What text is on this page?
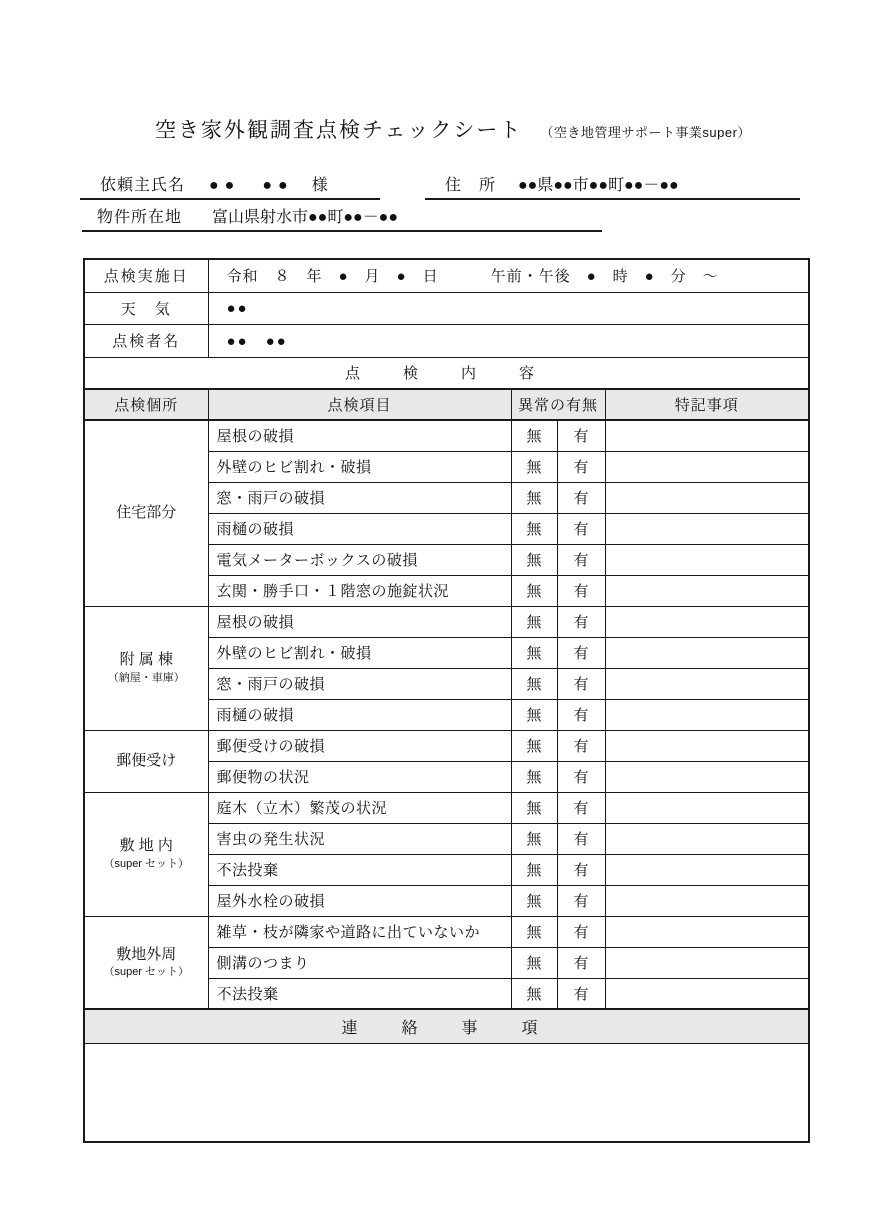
空き家外観調査点検チェックシート （空き地管理サポート事業super）
依頼主氏名 ●●　●● 様	住　所 ●●県●●市●●町●●－●●
物件所在地 富山県射水市●●町●●－●●
点検実施日	令和　８　年　●　月　●　日 午前・午後　●　時　●　分　～			

天　気	●●			
点検者名	●●　●●			
点　検　内　容				
点検個所	点検項目	異常の有無		特記事項

住宅部分	屋根の破損	無	有	
	外壁のヒビ割れ・破損	無	有	
	窓・雨戸の破損	無	有	
	雨樋の破損	無	有	
	電気メーターボックスの破損	無	有	
	玄関・勝手口・１階窓の施錠状況	無	有	

附 属 棟
（納屋・車庫）	屋根の破損	無	有	
	外壁のヒビ割れ・破損	無	有	
	窓・雨戸の破損	無	有	
	雨樋の破損	無	有	

郵便受け	郵便受けの破損	無	有	
	郵便物の状況	無	有	

敷 地 内
（super セット）	庭木（立木）繁茂の状況	無	有	
	害虫の発生状況	無	有	
	不法投棄	無	有	
	屋外水栓の破損	無	有	

敷地外周
（super セット）	雑草・枝が隣家や道路に出ていないか	無	有	
	側溝のつまり	無	有	
	不法投棄	無	有	
連　絡　事　項				
